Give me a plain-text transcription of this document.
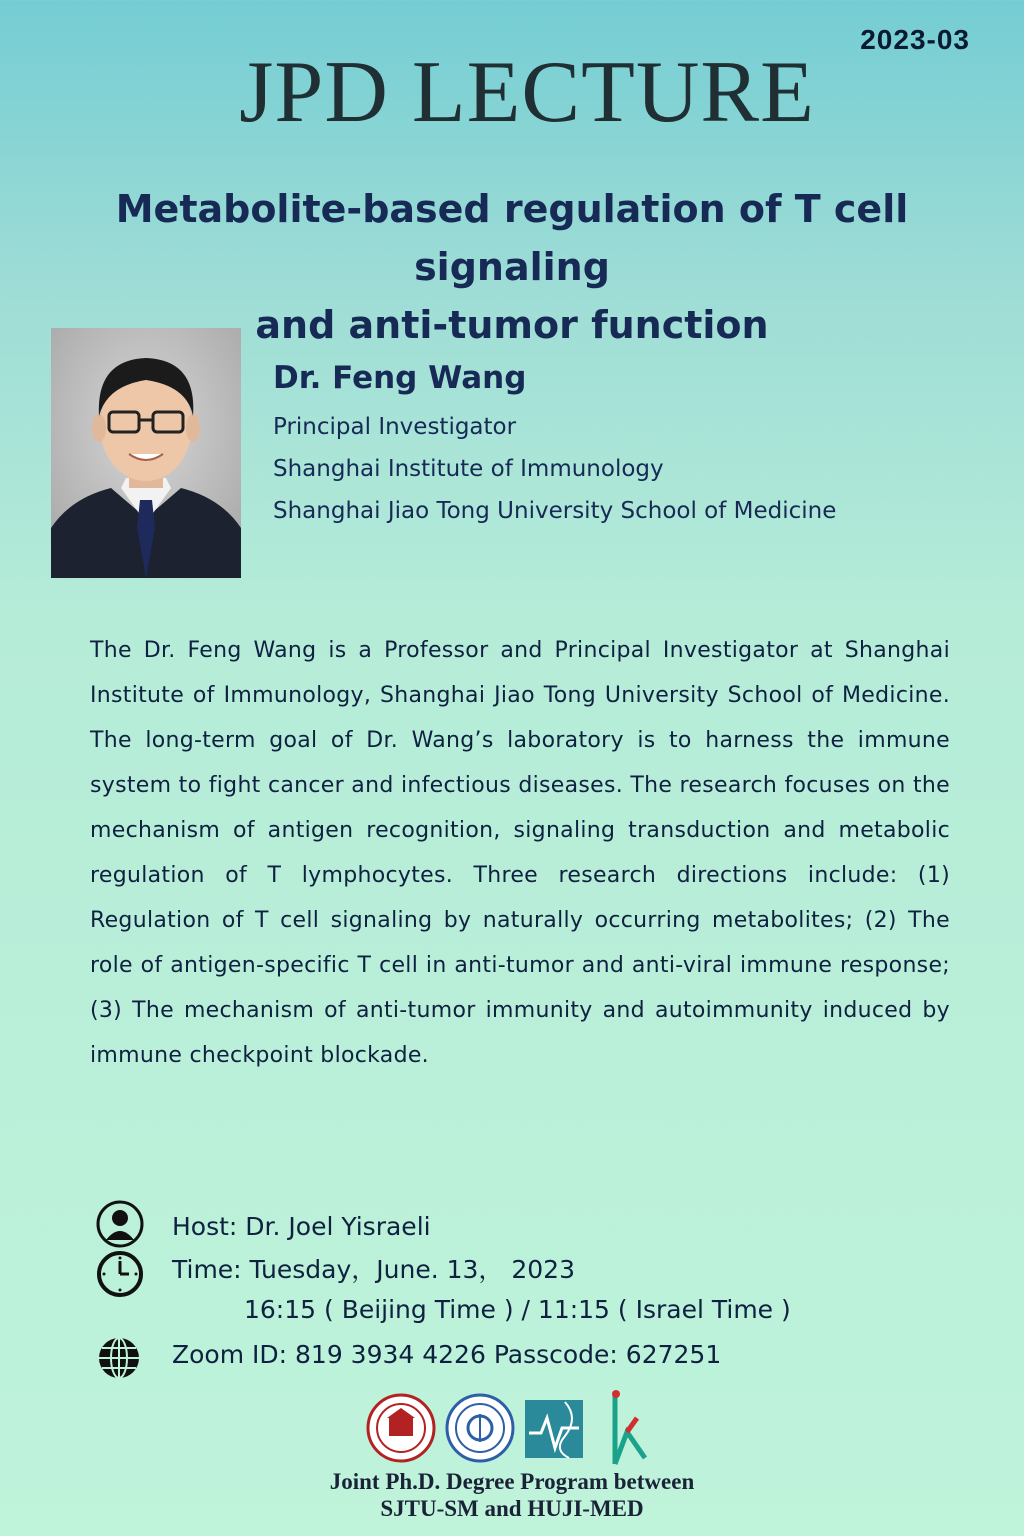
2023-03
JPD LECTURE
Metabolite-based regulation of T cell signaling
and anti-tumor function
Dr. Feng Wang
Principal Investigator
Shanghai Institute of Immunology
Shanghai Jiao Tong University School of Medicine
The Dr. Feng Wang is a Professor and Principal Investigator at Shanghai Institute of Immunology, Shanghai Jiao Tong University School of Medicine. The long-term goal of Dr. Wang’s laboratory is to harness the immune system to fight cancer and infectious diseases. The research focuses on the mechanism of antigen recognition, signaling transduction and metabolic regulation of T lymphocytes. Three research directions include: (1) Regulation of T cell signaling by naturally occurring metabolites; (2) The role of antigen-specific T cell in anti-tumor and anti-viral immune response; (3) The mechanism of anti-tumor immunity and autoimmunity induced by immune checkpoint blockade.
Host: Dr. Joel Yisraeli
Time: Tuesday，June. 13， 2023
16:15 ( Beijing Time ) / 11:15 ( Israel Time )
Zoom ID: 819 3934 4226 Passcode: 627251
Joint Ph.D. Degree Program between
SJTU-SM and HUJI-MED
